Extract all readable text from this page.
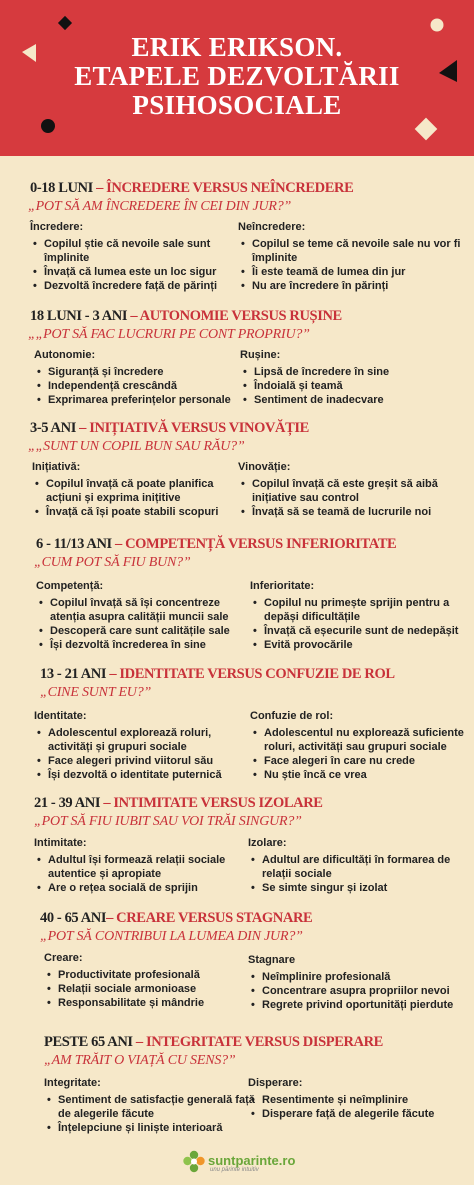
ERIK ERIKSON.
ETAPELE DEZVOLTĂRII
PSIHOSOCIALE
0-18 LUNI – ÎNCREDERE VERSUS NEÎNCREDERE
„POT SĂ AM ÎNCREDERE ÎN CEI DIN JUR?”
Încredere:
• Copilul știe că nevoile sale sunt împlinite
• Învață că lumea este un loc sigur
• Dezvoltă încredere față de părinți
Neîncredere:
• Copilul se teme că nevoile sale nu vor fi împlinite
• Îi este teamă de lumea din jur
• Nu are încredere în părinți
18 LUNI - 3 ANI – AUTONOMIE VERSUS RUȘINE
„„POT SĂ FAC LUCRURI PE CONT PROPRIU?”
Autonomie:
• Siguranță și încredere
• Independență crescândă
• Exprimarea preferințelor personale
Rușine:
• Lipsă de încredere în sine
• Îndoială și teamă
• Sentiment de inadecvare
3-5 ANI – INIȚIATIVĂ VERSUS VINOVĂȚIE
„„SUNT UN COPIL BUN SAU RĂU?”
Inițiativă:
• Copilul învață că poate planifica acțiuni și exprima inițitive
• Învață că își poate stabili scopuri
Vinovăție:
• Copilul învață că este greșit să aibă inițiative sau control
• Învață să se teamă de lucrurile noi
6 - 11/13 ANI – COMPETENȚĂ VERSUS INFERIORITATE
„CUM POT SĂ FIU BUN?”
Competență:
• Copilul învață să își concentreze atenția asupra calității muncii sale
• Descoperă care sunt calitățile sale
• Își dezvoltă încrederea în sine
Inferioritate:
• Copilul nu primește sprijin pentru a depăși dificultățile
• Învață că eșecurile sunt de nedepășit
• Evită provocările
13 - 21 ANI – IDENTITATE VERSUS CONFUZIE DE ROL
„CINE SUNT EU?”
Identitate:
• Adolescentul explorează roluri, activități și grupuri sociale
• Face alegeri privind viitorul său
• Își dezvoltă o identitate puternică
Confuzie de rol:
• Adolescentul nu explorează suficiente roluri, activități sau grupuri sociale
• Face alegeri în care nu crede
• Nu știe încă ce vrea
21 - 39 ANI – INTIMITATE VERSUS IZOLARE
„POT SĂ FIU IUBIT SAU VOI TRĂI SINGUR?”
Intimitate:
• Adultul își formează relații sociale autentice și apropiate
• Are o rețea socială de sprijin
Izolare:
• Adultul are dificultăți în formarea de relații sociale
• Se simte singur și izolat
40 - 65 ANI– CREARE VERSUS STAGNARE
„POT SĂ CONTRIBUI LA LUMEA DIN JUR?”
Creare:
• Productivitate profesională
• Relații sociale armonioase
• Responsabilitate și mândrie
Stagnare
• Neîmplinire profesională
• Concentrare asupra propriilor nevoi
• Regrete privind oportunități pierdute
PESTE 65 ANI – INTEGRITATE VERSUS DISPERARE
„AM TRĂIT O VIAȚĂ CU SENS?”
Integritate:
• Sentiment de satisfacție generală față de alegerile făcute
• Înțelepciune și liniște interioară
Disperare:
• Resentimente și neîmplinire
• Disperare față de alegerile făcute
suntparinte.ro
unu părinte intuitiv
